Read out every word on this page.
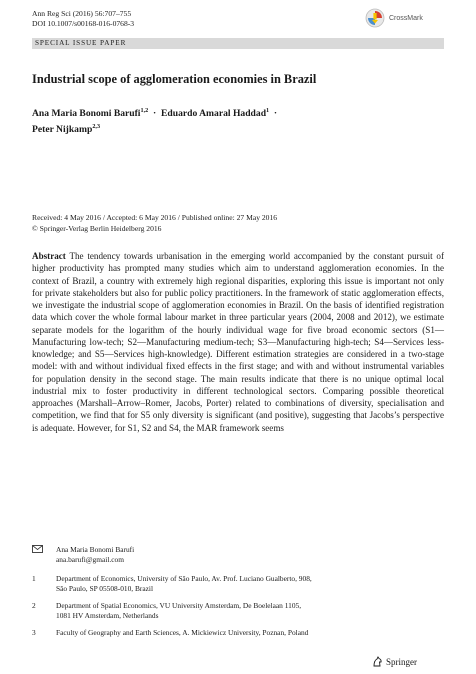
Ann Reg Sci (2016) 56:707–755
DOI 10.1007/s00168-016-0768-3
CrossMark
SPECIAL ISSUE PAPER
Industrial scope of agglomeration economies in Brazil
Ana Maria Bonomi Barufi$^{1,2}$ · Eduardo Amaral Haddad$^1$ ·
Peter Nijkamp$^{2,3}$
Received: 4 May 2016 / Accepted: 6 May 2016 / Published online: 27 May 2016
© Springer-Verlag Berlin Heidelberg 2016

Abstract The tendency towards urbanisation in the emerging world accompanied by the constant pursuit of higher productivity has prompted many studies which aim to understand agglomeration economies. In the context of Brazil, a country with extremely high regional disparities, exploring this issue is important not only for private stakeholders but also for public policy practitioners. In the framework of static agglomeration effects, we investigate the industrial scope of agglomeration economies in Brazil. On the basis of identified registration data which cover the whole formal labour market in three particular years (2004, 2008 and 2012), we estimate separate models for the logarithm of the hourly individual wage for five broad economic sectors (S1—Manufacturing low-tech; S2—Manufacturing medium-tech; S3—Manufacturing high-tech; S4—Services less-knowledge; and S5—Services high-knowledge). Different estimation strategies are considered in a two-stage model: with and without individual fixed effects in the first stage; and with and without instrumental variables for population density in the second stage. The main results indicate that there is no unique optimal local industrial mix to foster productivity in different technological sectors. Comparing possible theoretical approaches (Marshall–Arrow–Romer, Jacobs, Porter) related to combinations of diversity, specialisation and competition, we find that for S5 only diversity is significant (and positive), suggesting that Jacobs’s perspective is adequate. However, for S1, S2 and S4, the MAR framework seems

Ana Maria Bonomi Barufi
ana.barufi@gmail.com
1	Department of Economics, University of São Paulo, Av. Prof. Luciano Gualberto, 908,
São Paulo, SP 05508-010, Brazil
2	Department of Spatial Economics, VU University Amsterdam, De Boelelaan 1105,
1081 HV Amsterdam, Netherlands
3	Faculty of Geography and Earth Sciences, A. Mickiewicz University, Poznan, Poland
Springer
